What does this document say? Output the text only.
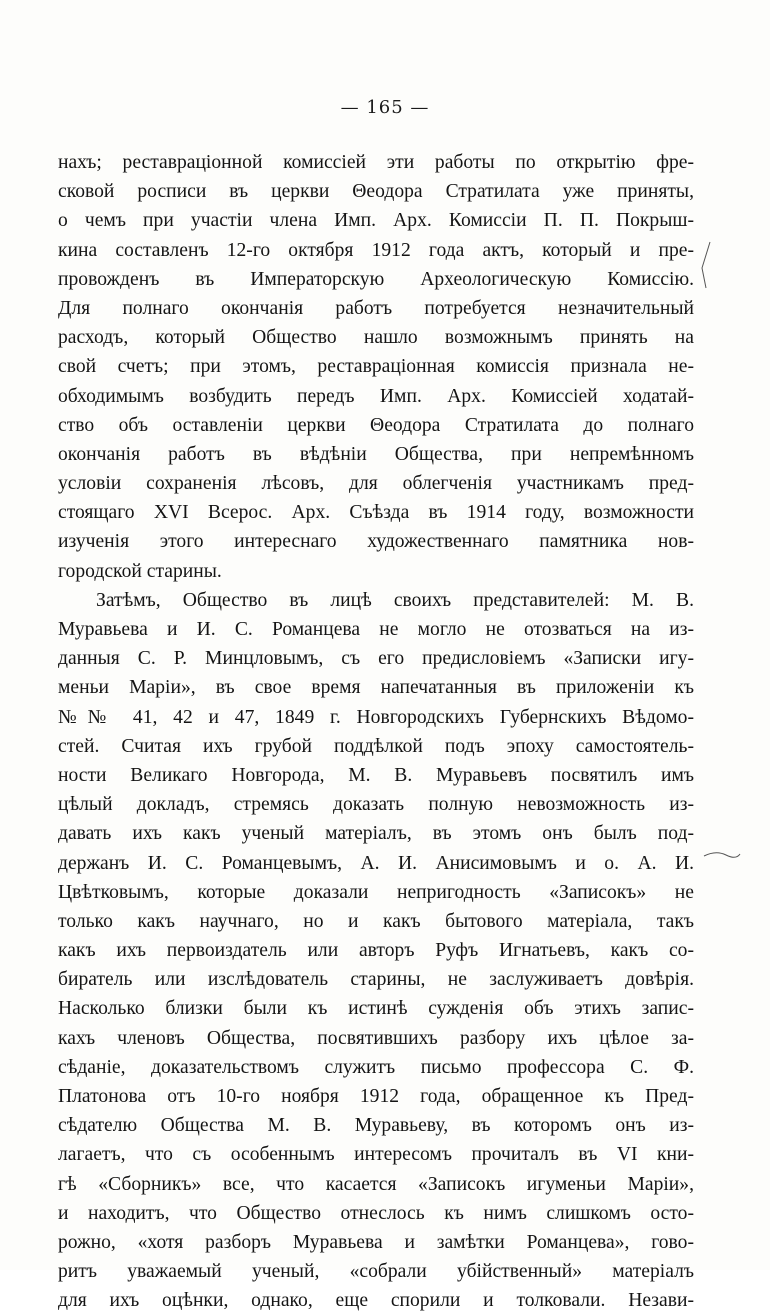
— 165 —
нахъ; реставраціонной комиссіей эти работы по открытію фре-
сковой росписи въ церкви Θеодора Стратилата уже приняты,
о чемъ при участіи члена Имп. Арх. Комиссіи П. П. Покрыш-
кина составленъ 12-го октября 1912 года актъ, который и пре-
провожденъ въ Императорскую Археологическую Комиссію.
Для полнаго окончанія работъ потребуется незначительный
расходъ, который Общество нашло возможнымъ принять на
свой счетъ; при этомъ, реставраціонная комиссія признала не-
обходимымъ возбудить передъ Имп. Арх. Комиссіей ходатай-
ство объ оставленіи церкви Θеодора Стратилата до полнаго
окончанія работъ въ вѣдѣніи Общества, при непремѣнномъ
условіи сохраненія лѣсовъ, для облегченія участникамъ пред-
стоящаго XVI Всерос. Арх. Съѣзда въ 1914 году, возможности
изученія этого интереснаго художественнаго памятника нов-
городской старины.
Затѣмъ, Общество въ лицѣ своихъ представителей: М. В.
Муравьева и И. С. Романцева не могло не отозваться на из-
данныя С. Р. Минцловымъ, съ его предисловіемъ «Записки игу-
меньи Маріи», въ свое время напечатанныя въ приложеніи къ
№№ 41, 42 и 47, 1849 г. Новгородскихъ Губернскихъ Вѣдомо-
стей. Считая ихъ грубой поддѣлкой подъ эпоху самостоятель-
ности Великаго Новгорода, М. В. Муравьевъ посвятилъ имъ
цѣлый докладъ, стремясь доказать полную невозможность из-
давать ихъ какъ ученый матеріалъ, въ этомъ онъ былъ под-
держанъ И. С. Романцевымъ, А. И. Анисимовымъ и о. А. И.
Цвѣтковымъ, которые доказали непригодность «Записокъ» не
только какъ научнаго, но и какъ бытового матеріала, такъ
какъ ихъ первоиздатель или авторъ Руфъ Игнатьевъ, какъ со-
биратель или изслѣдователь старины, не заслуживаетъ довѣрія.
Насколько близки были къ истинѣ сужденія объ этихъ запис-
кахъ членовъ Общества, посвятившихъ разбору ихъ цѣлое за-
сѣданіе, доказательствомъ служитъ письмо профессора С. Ф.
Платонова отъ 10-го ноября 1912 года, обращенное къ Пред-
сѣдателю Общества М. В. Муравьеву, въ которомъ онъ из-
лагаетъ, что съ особеннымъ интересомъ прочиталъ въ VI кни-
гѣ «Сборникъ» все, что касается «Записокъ игуменьи Маріи»,
и находитъ, что Общество отнеслось къ нимъ слишкомъ осто-
рожно, «хотя разборъ Муравьева и замѣтки Романцева», гово-
ритъ уважаемый ученый, «собрали убійственный» матеріалъ
для ихъ оцѣнки, однако, еще спорили и толковали. Незави-
